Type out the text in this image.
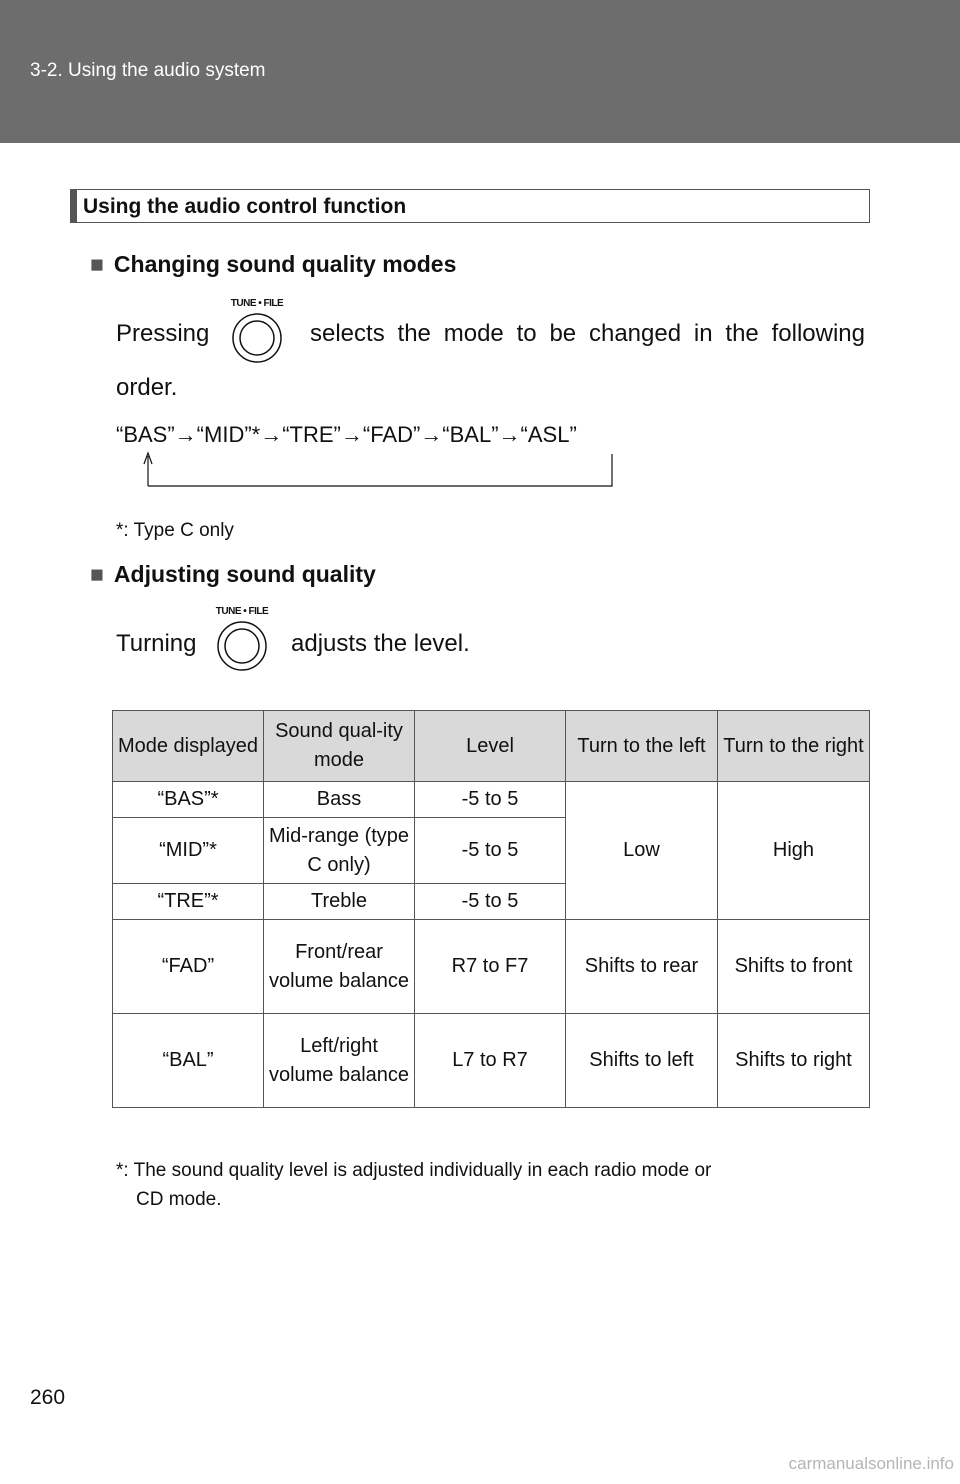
3-2. Using the audio system
Using the audio control function
■ Changing sound quality modes
Pressing
TUNE • FILE
selects the mode to be changed in the following
order.
“BAS”→“MID”*→“TRE”→“FAD”→“BAL”→“ASL”
*: Type C only
■ Adjusting sound quality
Turning
TUNE • FILE
adjusts the level.
Mode displayed	Sound qual-ity mode	Level	Turn to the left	Turn to the right
“BAS”*	Bass	-5 to 5	Low	High
“MID”*	Mid-range (type C only)	-5 to 5		
“TRE”*	Treble	-5 to 5		
“FAD”	Front/rear volume balance	R7 to F7	Shifts to rear	Shifts to front
“BAL”	Left/right volume balance	L7 to R7	Shifts to left	Shifts to right
*: The sound quality level is adjusted individually in each radio mode or
CD mode.
260
carmanualsonline.info
